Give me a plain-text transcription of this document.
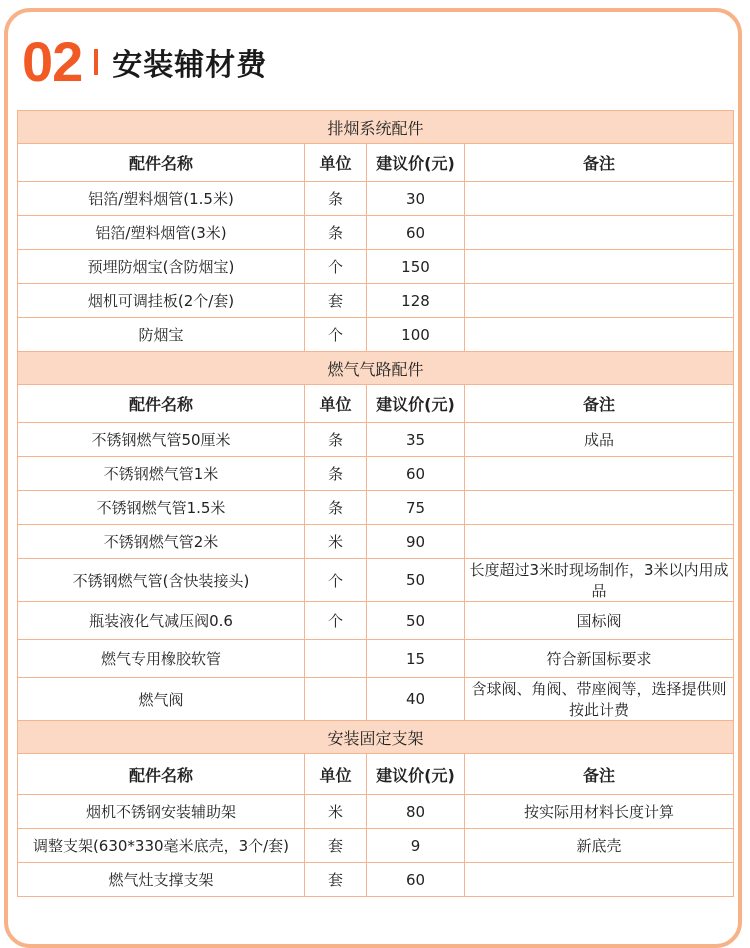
02 安装辅材费
排烟系统配件			
配件名称	单位	建议价(元)	备注
铝箔/塑料烟管(1.5米)	条	30	
铝箔/塑料烟管(3米)	条	60	
预埋防烟宝(含防烟宝)	个	150	
烟机可调挂板(2个/套)	套	128	
防烟宝	个	100	
燃气气路配件			
配件名称	单位	建议价(元)	备注
不锈钢燃气管50厘米	条	35	成品
不锈钢燃气管1米	条	60	
不锈钢燃气管1.5米	条	75	
不锈钢燃气管2米	米	90	
不锈钢燃气管(含快装接头)	个	50	长度超过3米时现场制作，3米以内用成品
瓶装液化气减压阀0.6	个	50	国标阀
燃气专用橡胶软管		15	符合新国标要求
燃气阀		40	含球阀、角阀、带座阀等，选择提供则按此计费
安装固定支架			
配件名称	单位	建议价(元)	备注
烟机不锈钢安装辅助架	米	80	按实际用材料长度计算
调整支架(630*330毫米底壳，3个/套)	套	9	新底壳
燃气灶支撑支架	套	60	
